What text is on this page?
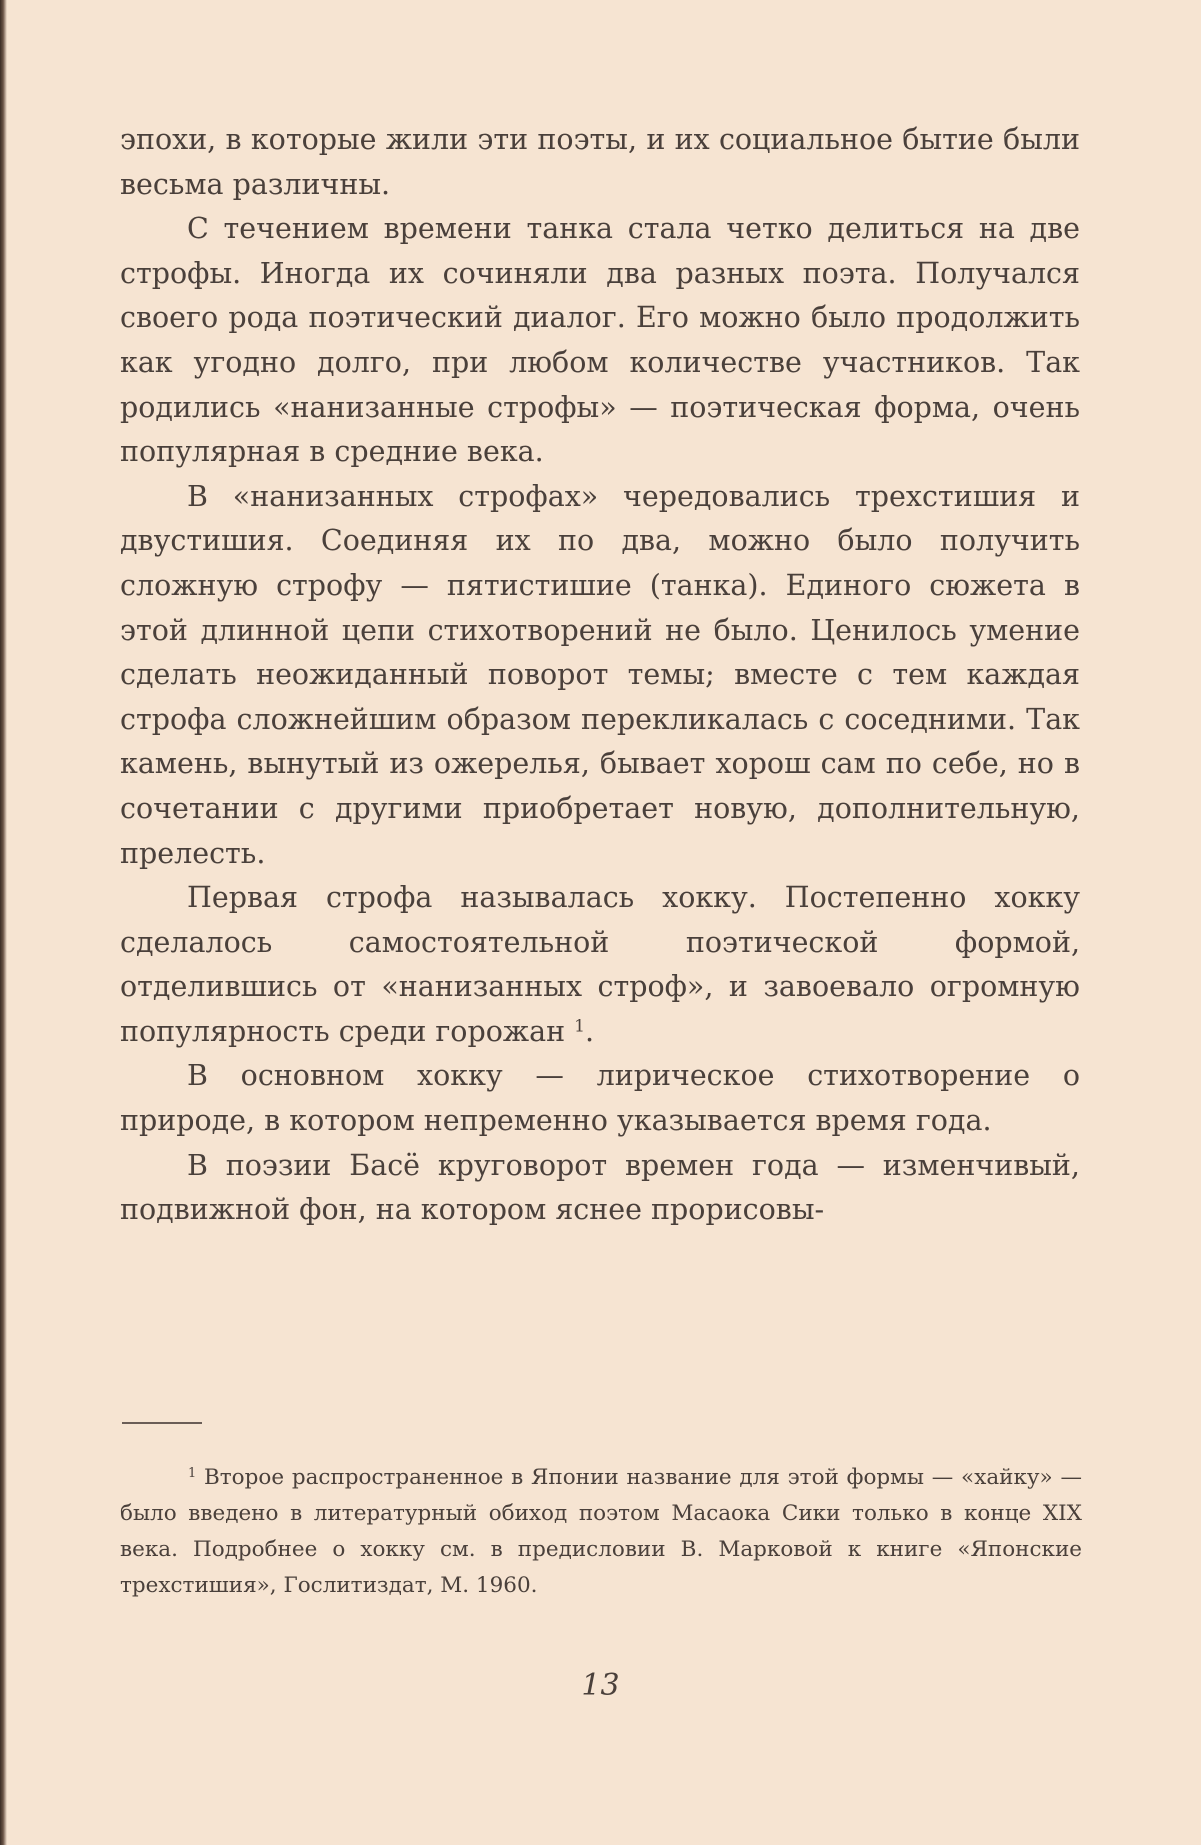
эпохи, в которые жили эти поэты, и их социальное бытие были весьма различны.

С течением времени танка стала четко делиться на две строфы. Иногда их сочиняли два разных поэта. Получался своего рода поэтический диалог. Его можно было продолжить как угодно долго, при любом количестве участников. Так родились «нанизанные строфы» — поэтическая форма, очень популярная в средние века.

В «нанизанных строфах» чередовались трехстишия и двустишия. Соединяя их по два, можно было получить сложную строфу — пятистишие (танка). Единого сюжета в этой длинной цепи стихотворений не было. Ценилось умение сделать неожиданный поворот темы; вместе с тем каждая строфа сложнейшим образом перекликалась с соседними. Так камень, вынутый из ожерелья, бывает хорош сам по себе, но в сочетании с другими приобретает новую, дополнительную, прелесть.

Первая строфа называлась хокку. Постепенно хокку сделалось самостоятельной поэтической формой, отделившись от «нанизанных строф», и завоевало огромную популярность среди горожан $^1$.

В основном хокку — лирическое стихотворение о природе, в котором непременно указывается время года.

В поэзии Басё круговорот времен года — изменчивый, подвижной фон, на котором яснее прорисовы-

$^1$ Второе распространенное в Японии название для этой формы — «хайку» — было введено в литературный обиход поэтом Масаока Сики только в конце XIX века. Подробнее о хокку см. в предисловии В. Марковой к книге «Японские трехстишия», Гослитиздат, М. 1960.
13
